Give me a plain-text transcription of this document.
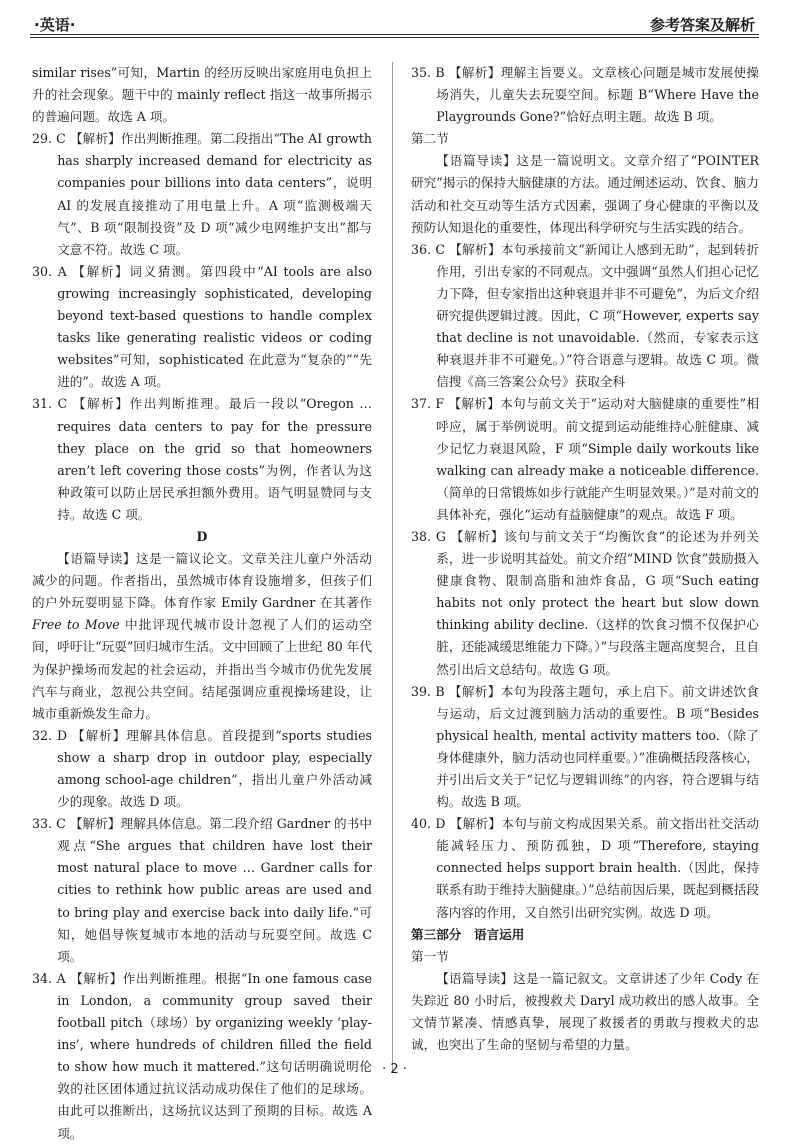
·英语·	参考答案及解析

similar rises”可知，Martin 的经历反映出家庭用电负担上升的社会现象。题干中的 mainly reflect 指这一故事所揭示的普遍问题。故选 A 项。

29. C 【解析】作出判断推理。第二段指出“The AI growth has sharply increased demand for electricity as companies pour billions into data centers”，说明 AI 的发展直接推动了用电量上升。A 项“监测极端天气”、B 项“限制投资”及 D 项“减少电网维护支出”都与文意不符。故选 C 项。

30. A 【解析】词义猜测。第四段中“AI tools are also growing increasingly sophisticated, developing beyond text-based questions to handle complex tasks like generating realistic videos or coding websites”可知，sophisticated 在此意为“复杂的”“先进的”。故选 A 项。

31. C 【解析】作出判断推理。最后一段以“Oregon … requires data centers to pay for the pressure they place on the grid so that homeowners aren’t left covering those costs”为例，作者认为这种政策可以防止居民承担额外费用。语气明显赞同与支持。故选 C 项。

D

【语篇导读】这是一篇议论文。文章关注儿童户外活动减少的问题。作者指出，虽然城市体育设施增多，但孩子们的户外玩耍明显下降。体育作家 Emily Gardner 在其著作 Free to Move 中批评现代城市设计忽视了人们的运动空间，呼吁让“玩耍”回归城市生活。文中回顾了上世纪 80 年代为保护操场而发起的社会运动，并指出当今城市仍优先发展汽车与商业，忽视公共空间。结尾强调应重视操场建设，让城市重新焕发生命力。

32. D 【解析】理解具体信息。首段提到“sports studies show a sharp drop in outdoor play, especially among school-age children”，指出儿童户外活动减少的现象。故选 D 项。

33. C 【解析】理解具体信息。第二段介绍 Gardner 的书中观点“She argues that children have lost their most natural place to move … Gardner calls for cities to rethink how public areas are used and to bring play and exercise back into daily life.”可知，她倡导恢复城市本地的活动与玩耍空间。故选 C 项。

34. A 【解析】作出判断推理。根据“In one famous case in London, a community group saved their football pitch（球场）by organizing weekly ‘play-ins’, where hundreds of children filled the field to show how much it mattered.”这句话明确说明伦敦的社区团体通过抗议活动成功保住了他们的足球场。由此可以推断出，这场抗议达到了预期的目标。故选 A 项。

35. B 【解析】理解主旨要义。文章核心问题是城市发展使操场消失，儿童失去玩耍空间。标题 B“Where Have the Playgrounds Gone?”恰好点明主题。故选 B 项。

第二节

【语篇导读】这是一篇说明文。文章介绍了“POINTER 研究”揭示的保持大脑健康的方法。通过阐述运动、饮食、脑力活动和社交互动等生活方式因素，强调了身心健康的平衡以及预防认知退化的重要性，体现出科学研究与生活实践的结合。

36. C 【解析】本句承接前文“新闻让人感到无助”，起到转折作用，引出专家的不同观点。文中强调“虽然人们担心记忆力下降，但专家指出这种衰退并非不可避免”，为后文介绍研究提供逻辑过渡。因此，C 项“However, experts say that decline is not unavoidable.（然而，专家表示这种衰退并非不可避免。）”符合语意与逻辑。故选 C 项。微信搜《高三答案公众号》获取全科

37. F 【解析】本句与前文关于“运动对大脑健康的重要性”相呼应，属于举例说明。前文提到运动能维持心脏健康、减少记忆力衰退风险，F 项“Simple daily workouts like walking can already make a noticeable difference.（简单的日常锻炼如步行就能产生明显效果。）”是对前文的具体补充，强化“运动有益脑健康”的观点。故选 F 项。

38. G 【解析】该句与前文关于“均衡饮食”的论述为并列关系，进一步说明其益处。前文介绍“MIND 饮食”鼓励摄入健康食物、限制高脂和油炸食品，G 项“Such eating habits not only protect the heart but slow down thinking ability decline.（这样的饮食习惯不仅保护心脏，还能减缓思维能力下降。）”与段落主题高度契合，且自然引出后文总结句。故选 G 项。

39. B 【解析】本句为段落主题句，承上启下。前文讲述饮食与运动，后文过渡到脑力活动的重要性。B 项“Besides physical health, mental activity matters too.（除了身体健康外，脑力活动也同样重要。）”准确概括段落核心，并引出后文关于“记忆与逻辑训练”的内容，符合逻辑与结构。故选 B 项。

40. D 【解析】本句与前文构成因果关系。前文指出社交活动能减轻压力、预防孤独，D 项“Therefore, staying connected helps support brain health.（因此，保持联系有助于维持大脑健康。）”总结前因后果，既起到概括段落内容的作用，又自然引出研究实例。故选 D 项。

第三部分　语言运用

第一节

【语篇导读】这是一篇记叙文。文章讲述了少年 Cody 在失踪近 80 小时后，被搜救犬 Daryl 成功救出的感人故事。全文情节紧凑、情感真挚，展现了救援者的勇敢与搜救犬的忠诚，也突出了生命的坚韧与希望的力量。

· 2 ·
